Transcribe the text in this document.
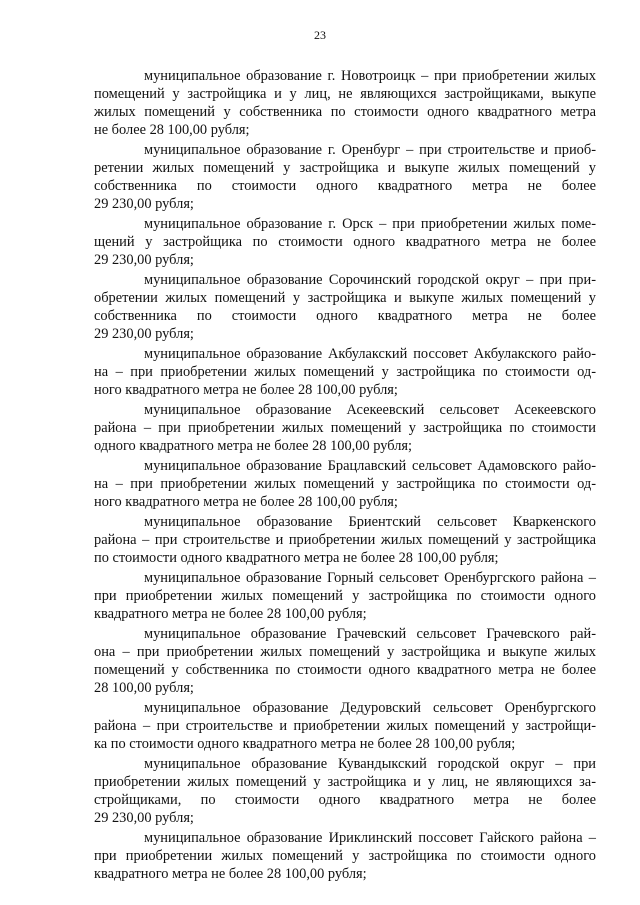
23
муниципальное образование г. Новотроицк – при приобретении жилых
помещений у застройщика и у лиц, не являющихся застройщиками, выкупе
жилых помещений у собственника по стоимости одного квадратного метра
не более 28 100,00 рубля;
муниципальное образование г. Оренбург – при строительстве и приоб-
ретении жилых помещений у застройщика и выкупе жилых помещений у
собственника по стоимости одного квадратного метра не более
29 230,00 рубля;
муниципальное образование г. Орск – при приобретении жилых поме-
щений у застройщика по стоимости одного квадратного метра не более
29 230,00 рубля;
муниципальное образование Сорочинский городской округ – при при-
обретении жилых помещений у застройщика и выкупе жилых помещений у
собственника по стоимости одного квадратного метра не более
29 230,00 рубля;
муниципальное образование Акбулакский поссовет Акбулакского райо-
на – при приобретении жилых помещений у застройщика по стоимости од-
ного квадратного метра не более 28 100,00 рубля;
муниципальное образование Асекеевский сельсовет Асекеевского
района – при приобретении жилых помещений у застройщика по стоимости
одного квадратного метра не более 28 100,00 рубля;
муниципальное образование Брацлавский сельсовет Адамовского райо-
на – при приобретении жилых помещений у застройщика по стоимости од-
ного квадратного метра не более 28 100,00 рубля;
муниципальное образование Бриентский сельсовет Кваркенского
района – при строительстве и приобретении жилых помещений у застройщика
по стоимости одного квадратного метра не более 28 100,00 рубля;
муниципальное образование Горный сельсовет Оренбургского района –
при приобретении жилых помещений у застройщика по стоимости одного
квадратного метра не более 28 100,00 рубля;
муниципальное образование Грачевский сельсовет Грачевского рай-
она – при приобретении жилых помещений у застройщика и выкупе жилых
помещений у собственника по стоимости одного квадратного метра не более
28 100,00 рубля;
муниципальное образование Дедуровский сельсовет Оренбургского
района – при строительстве и приобретении жилых помещений у застройщи-
ка по стоимости одного квадратного метра не более 28 100,00 рубля;
муниципальное образование Кувандыкский городской округ – при
приобретении жилых помещений у застройщика и у лиц, не являющихся за-
стройщиками, по стоимости одного квадратного метра не более
29 230,00 рубля;
муниципальное образование Ириклинский поссовет Гайского района –
при приобретении жилых помещений у застройщика по стоимости одного
квадратного метра не более 28 100,00 рубля;
